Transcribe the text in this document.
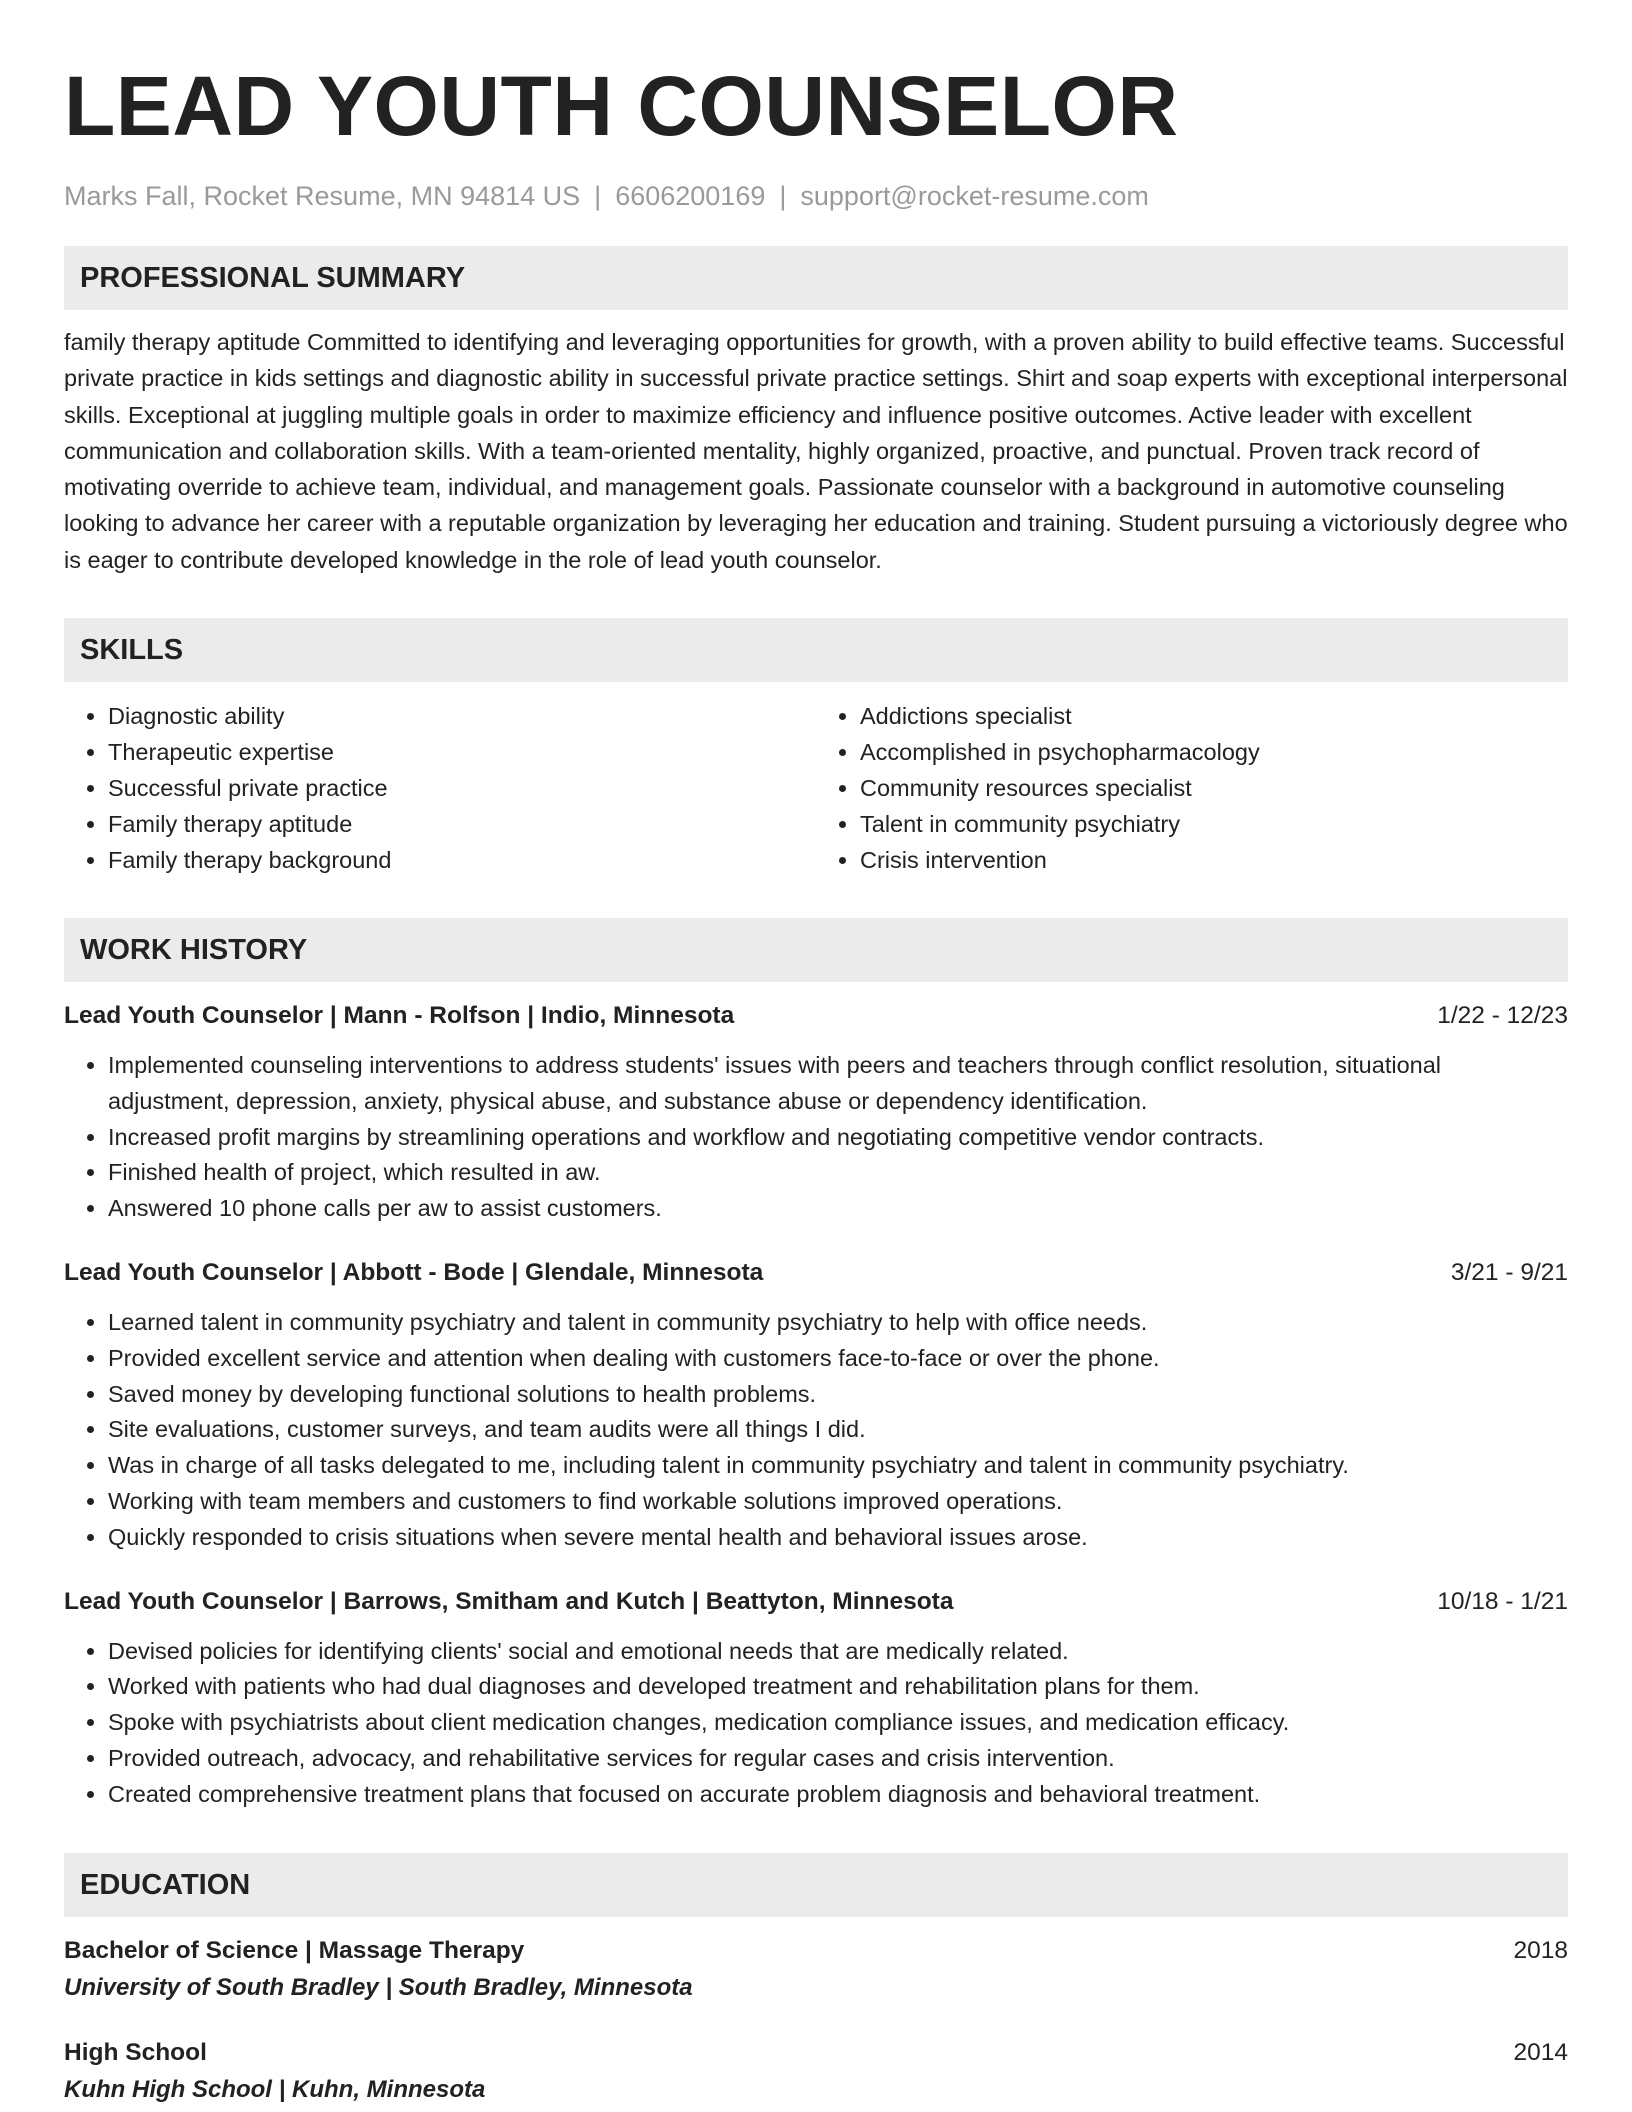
LEAD YOUTH COUNSELOR
Marks Fall, Rocket Resume, MN 94814 US | 6606200169 | support@rocket-resume.com
PROFESSIONAL SUMMARY
family therapy aptitude Committed to identifying and leveraging opportunities for growth, with a proven ability to build effective teams. Successful private practice in kids settings and diagnostic ability in successful private practice settings. Shirt and soap experts with exceptional interpersonal skills. Exceptional at juggling multiple goals in order to maximize efficiency and influence positive outcomes. Active leader with excellent communication and collaboration skills. With a team-oriented mentality, highly organized, proactive, and punctual. Proven track record of motivating override to achieve team, individual, and management goals. Passionate counselor with a background in automotive counseling looking to advance her career with a reputable organization by leveraging her education and training. Student pursuing a victoriously degree who is eager to contribute developed knowledge in the role of lead youth counselor.
SKILLS
• Diagnostic ability
• Therapeutic expertise
• Successful private practice
• Family therapy aptitude
• Family therapy background
• Addictions specialist
• Accomplished in psychopharmacology
• Community resources specialist
• Talent in community psychiatry
• Crisis intervention
WORK HISTORY
Lead Youth Counselor | Mann - Rolfson | Indio, Minnesota	1/22 - 12/23
• Implemented counseling interventions to address students' issues with peers and teachers through conflict resolution, situational adjustment, depression, anxiety, physical abuse, and substance abuse or dependency identification.
• Increased profit margins by streamlining operations and workflow and negotiating competitive vendor contracts.
• Finished health of project, which resulted in aw.
• Answered 10 phone calls per aw to assist customers.
Lead Youth Counselor | Abbott - Bode | Glendale, Minnesota	3/21 - 9/21
• Learned talent in community psychiatry and talent in community psychiatry to help with office needs.
• Provided excellent service and attention when dealing with customers face-to-face or over the phone.
• Saved money by developing functional solutions to health problems.
• Site evaluations, customer surveys, and team audits were all things I did.
• Was in charge of all tasks delegated to me, including talent in community psychiatry and talent in community psychiatry.
• Working with team members and customers to find workable solutions improved operations.
• Quickly responded to crisis situations when severe mental health and behavioral issues arose.
Lead Youth Counselor | Barrows, Smitham and Kutch | Beattyton, Minnesota	10/18 - 1/21
• Devised policies for identifying clients' social and emotional needs that are medically related.
• Worked with patients who had dual diagnoses and developed treatment and rehabilitation plans for them.
• Spoke with psychiatrists about client medication changes, medication compliance issues, and medication efficacy.
• Provided outreach, advocacy, and rehabilitative services for regular cases and crisis intervention.
• Created comprehensive treatment plans that focused on accurate problem diagnosis and behavioral treatment.
EDUCATION
Bachelor of Science | Massage Therapy	2018
University of South Bradley | South Bradley, Minnesota
High School	2014
Kuhn High School | Kuhn, Minnesota
